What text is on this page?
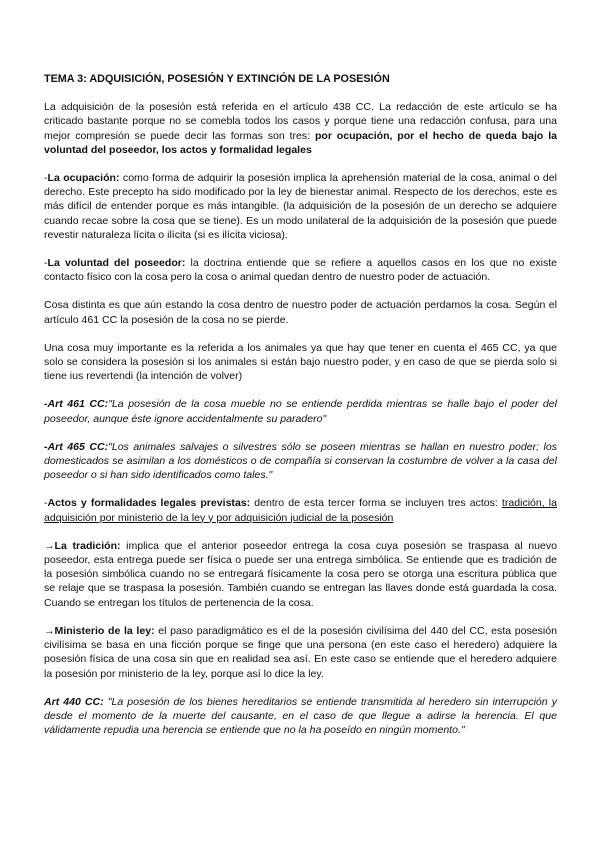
TEMA 3: ADQUISICIÓN, POSESIÓN Y EXTINCIÓN DE LA POSESIÓN

La adquisición de la posesión está referida en el artículo 438 CC. La redacción de este artículo se ha criticado bastante porque no se comebla todos los casos y porque tiene una redacción confusa, para una mejor compresión se puede decir las formas son tres: por ocupación, por el hecho de queda bajo la voluntad del poseedor, los actos y formalidad legales

-La ocupación: como forma de adquirir la posesión implica la aprehensión material de la cosa, animal o del derecho. Este precepto ha sido modificado por la ley de bienestar animal. Respecto de los derechos, este es más difícil de entender porque es más intangible. (la adquisición de la posesión de un derecho se adquiere cuando recae sobre la cosa que se tiene). Es un modo unilateral de la adquisición de la posesión que puede revestir naturaleza lícita o ilícita (si es ilícita viciosa).

-La voluntad del poseedor: la doctrina entiende que se refiere a aquellos casos en los que no existe contacto físico con la cosa pero la cosa o animal quedan dentro de nuestro poder de actuación.

Cosa distinta es que aún estando la cosa dentro de nuestro poder de actuación perdamos la cosa. Según el artículo 461 CC la posesión de la cosa no se pierde.

Una cosa muy importante es la referida a los animales ya que hay que tener en cuenta el 465 CC, ya que solo se considera la posesión si los animales si están bajo nuestro poder, y en caso de que se pierda solo si tiene ius revertendi (la intención de volver)

-Art 461 CC:"La posesión de la cosa mueble no se entiende perdida mientras se halle bajo el poder del poseedor, aunque éste ignore accidentalmente su paradero"

-Art 465 CC:"Los animales salvajes o silvestres sólo se poseen mientras se hallan en nuestro poder; los domesticados se asimilan a los domésticos o de compañía si conservan la costumbre de volver a la casa del poseedor o si han sido identificados como tales."

-Actos y formalidades legales previstas: dentro de esta tercer forma se incluyen tres actos: tradición, la adquisición por ministerio de la ley y por adquisición judicial de la posesión

→La tradición: implica que el anterior poseedor entrega la cosa cuya posesión se traspasa al nuevo poseedor, esta entrega puede ser física o puede ser una entrega simbólica. Se entiende que es tradición de la posesión simbólica cuando no se entregará físicamente la cosa pero se otorga una escritura pública que se relaje que se traspasa la posesión. También cuando se entregan las llaves donde está guardada la cosa. Cuando se entregan los títulos de pertenencia de la cosa.

→Ministerio de la ley: el paso paradigmático es el de la posesión civilísima del 440 del CC, esta posesión civilísima se basa en una ficción porque se finge que una persona (en este caso el heredero) adquiere la posesión física de una cosa sin que en realidad sea así. En este caso se entiende que el heredero adquiere la posesión por ministerio de la ley, porque así lo dice la ley.

Art 440 CC: "La posesión de los bienes hereditarios se entiende transmitida al heredero sin interrupción y desde el momento de la muerte del causante, en el caso de que llegue a adirse la herencia. El que válidamente repudia una herencia se entiende que no la ha poseído en ningún momento."
